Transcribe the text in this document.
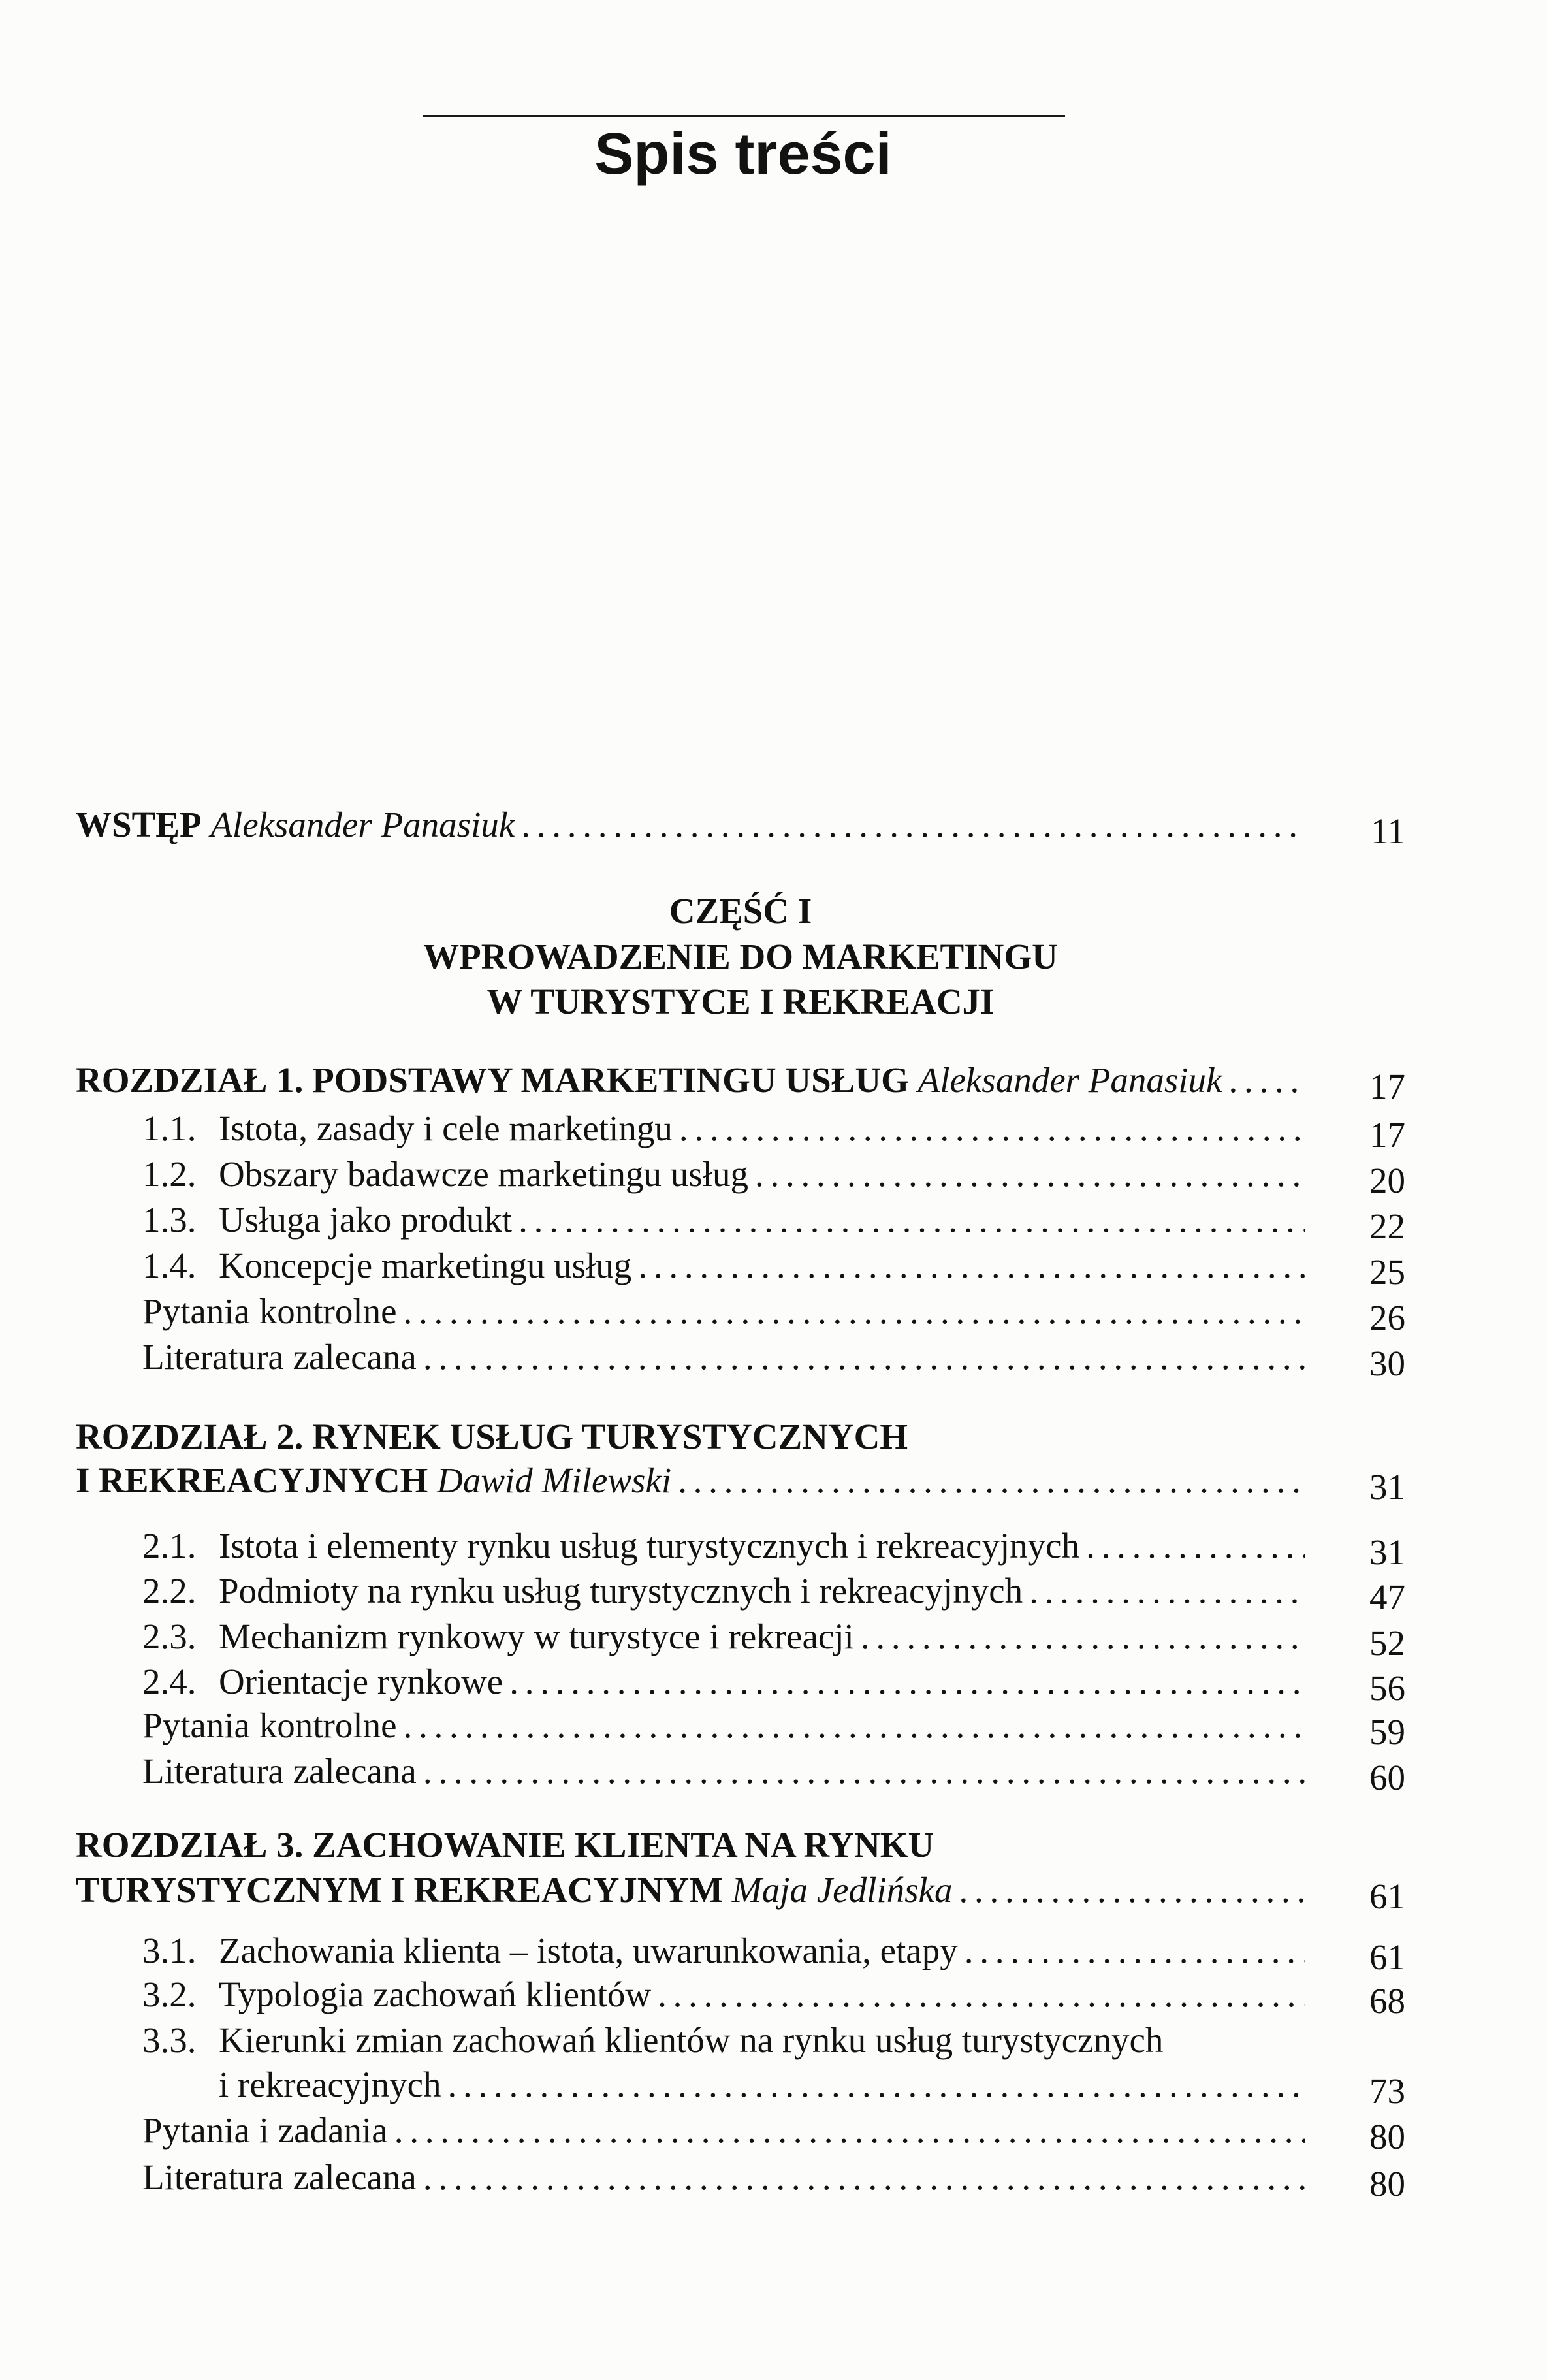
Spis treści
WSTĘP Aleksander Panasiuk . . .	11
CZĘŚĆ I
WPROWADZENIE DO MARKETINGU
W TURYSTYCE I REKREACJI
ROZDZIAŁ 1. PODSTAWY MARKETINGU USŁUG Aleksander Panasiuk . . .	17
1.1. Istota, zasady i cele marketingu . . .	17
1.2. Obszary badawcze marketingu usług . . .	20
1.3. Usługa jako produkt . . .	22
1.4. Koncepcje marketingu usług . . .	25
Pytania kontrolne . . .	26
Literatura zalecana . . .	30
ROZDZIAŁ 2. RYNEK USŁUG TURYSTYCZNYCH
I REKREACYJNYCH Dawid Milewski . . .	31
2.1. Istota i elementy rynku usług turystycznych i rekreacyjnych . . .	31
2.2. Podmioty na rynku usług turystycznych i rekreacyjnych . . .	47
2.3. Mechanizm rynkowy w turystyce i rekreacji . . .	52
2.4. Orientacje rynkowe . . .	56
Pytania kontrolne . . .	59
Literatura zalecana . . .	60
ROZDZIAŁ 3. ZACHOWANIE KLIENTA NA RYNKU
TURYSTYCZNYM I REKREACYJNYM Maja Jedlińska . . .	61
3.1. Zachowania klienta – istota, uwarunkowania, etapy . . .	61
3.2. Typologia zachowań klientów . . .	68
3.3. Kierunki zmian zachowań klientów na rynku usług turystycznych
i rekreacyjnych . . .	73
Pytania i zadania . . .	80
Literatura zalecana . . .	80
